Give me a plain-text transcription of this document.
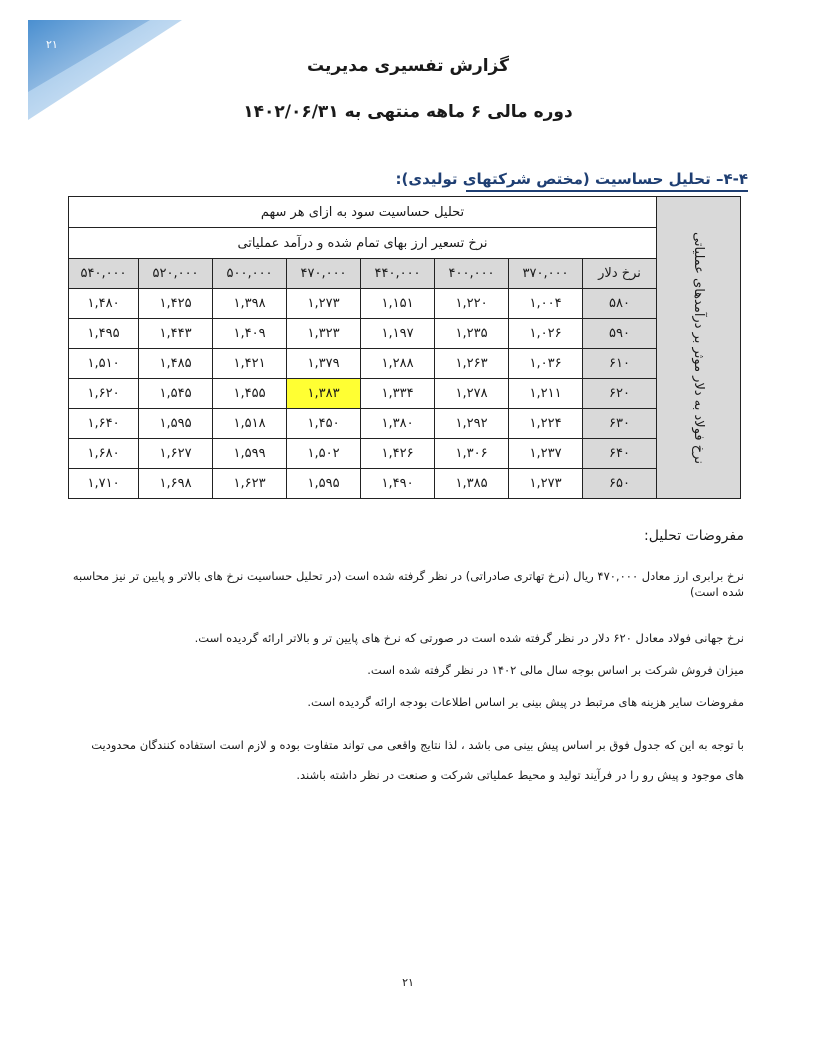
۲۱
گزارش تفسیری مدیریت
دوره مالی ۶ ماهه منتهی به ۱۴۰۲/۰۶/۳۱
۴-۴– تحلیل حساسیت (مختص شرکتهای تولیدی):
نرخ فولاد به دلار موثر بر درآمدهای عملیاتی	تحلیل حساسیت سود به ازای هر سهم							
	نرخ تسعیر ارز بهای تمام شده و درآمد عملیاتی							
	نرخ دلار	۳۷۰,۰۰۰	۴۰۰,۰۰۰	۴۴۰,۰۰۰	۴۷۰,۰۰۰	۵۰۰,۰۰۰	۵۲۰,۰۰۰	۵۴۰,۰۰۰
	۵۸۰	۱,۰۰۴	۱,۲۲۰	۱,۱۵۱	۱,۲۷۳	۱,۳۹۸	۱,۴۲۵	۱,۴۸۰
	۵۹۰	۱,۰۲۶	۱,۲۳۵	۱,۱۹۷	۱,۳۲۳	۱,۴۰۹	۱,۴۴۳	۱,۴۹۵
	۶۱۰	۱,۰۳۶	۱,۲۶۳	۱,۲۸۸	۱,۳۷۹	۱,۴۲۱	۱,۴۸۵	۱,۵۱۰
	۶۲۰	۱,۲۱۱	۱,۲۷۸	۱,۳۳۴	۱,۳۸۳	۱,۴۵۵	۱,۵۴۵	۱,۶۲۰
	۶۳۰	۱,۲۲۴	۱,۲۹۲	۱,۳۸۰	۱,۴۵۰	۱,۵۱۸	۱,۵۹۵	۱,۶۴۰
	۶۴۰	۱,۲۳۷	۱,۳۰۶	۱,۴۲۶	۱,۵۰۲	۱,۵۹۹	۱,۶۲۷	۱,۶۸۰
	۶۵۰	۱,۲۷۳	۱,۳۸۵	۱,۴۹۰	۱,۵۹۵	۱,۶۲۳	۱,۶۹۸	۱,۷۱۰
مفروضات تحلیل:
نرخ برابری ارز معادل ۴۷۰,۰۰۰ ریال (نرخ تهاتری صادراتی) در نظر گرفته شده است (در تحلیل حساسیت نرخ های بالاتر و پایین تر نیز محاسبه شده است)
نرخ جهانی فولاد معادل ۶۲۰ دلار در نظر گرفته شده است در صورتی که نرخ های پایین تر و بالاتر ارائه گردیده است.
میزان فروش شرکت بر اساس بوجه سال مالی ۱۴۰۲ در نظر گرفته شده است.
مفروضات سایر هزینه های مرتبط در پیش بینی بر اساس اطلاعات بودجه ارائه گردیده است.
با توجه به این که جدول فوق بر اساس پیش بینی می باشد ، لذا نتایج واقعی می تواند متفاوت بوده و لازم است استفاده کنندگان محدودیت های موجود و پیش رو را در فرآیند تولید و محیط عملیاتی شرکت و صنعت در نظر داشته باشند.
۲۱
